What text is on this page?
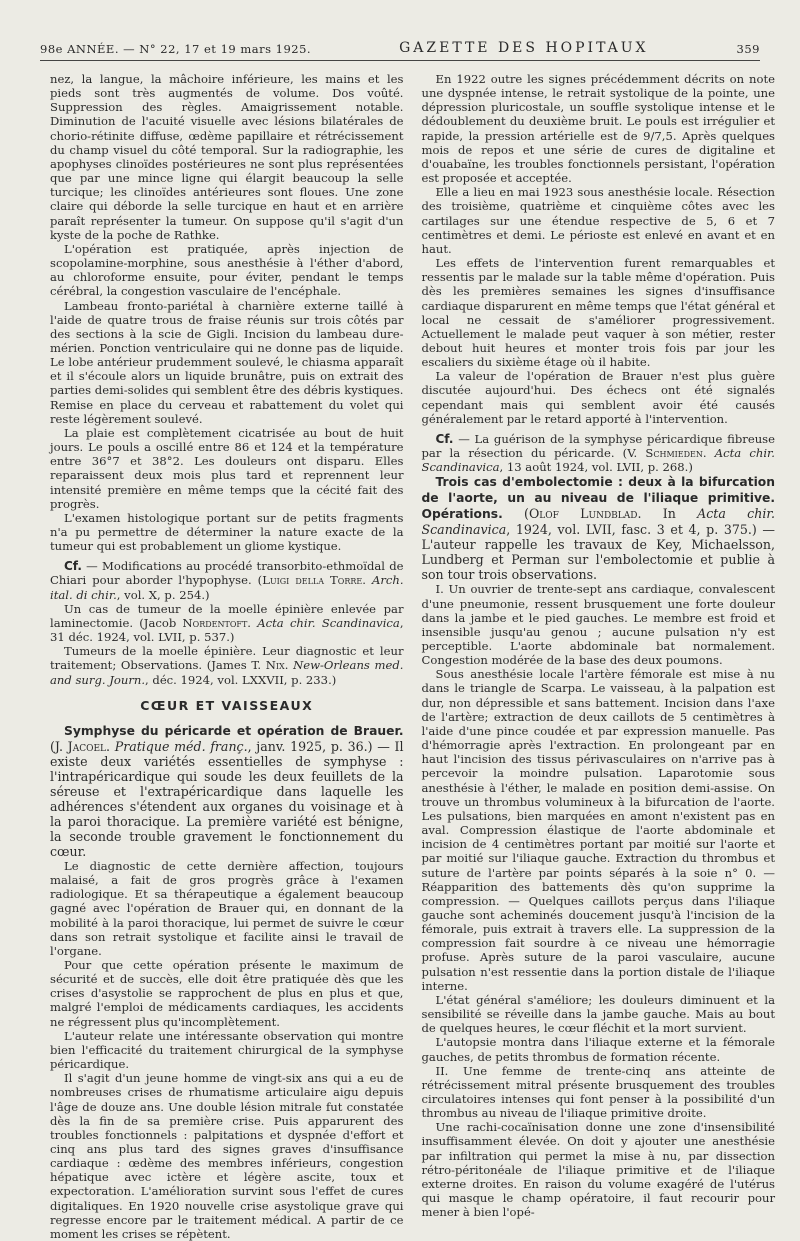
98e ANNÉE. — N° 22, 17 et 19 mars 1925.	GAZETTE DES HOPITAUX	359

nez, la langue, la mâchoire inférieure, les mains et les pieds sont très augmentés de volume. Dos voûté. Suppression des règles. Amaigrissement notable. Diminution de l'acuité visuelle avec lésions bilatérales de chorio-rétinite diffuse, œdème papillaire et rétrécissement du champ visuel du côté temporal. Sur la radiographie, les apophyses clinoïdes postérieures ne sont plus représentées que par une mince ligne qui élargit beaucoup la selle turcique; les clinoïdes antérieures sont floues. Une zone claire qui déborde la selle turcique en haut et en arrière paraît représenter la tumeur. On suppose qu'il s'agit d'un kyste de la poche de Rathke.

L'opération est pratiquée, après injection de scopolamine-morphine, sous anesthésie à l'éther d'abord, au chloroforme ensuite, pour éviter, pendant le temps cérébral, la congestion vasculaire de l'encéphale.

Lambeau fronto-pariétal à charnière externe taillé à l'aide de quatre trous de fraise réunis sur trois côtés par des sections à la scie de Gigli. Incision du lambeau dure-mérien. Ponction ventriculaire qui ne donne pas de liquide. Le lobe antérieur prudemment soulevé, le chiasma apparaît et il s'écoule alors un liquide brunâtre, puis on extrait des parties demi-solides qui semblent être des débris kystiques. Remise en place du cerveau et rabattement du volet qui reste légèrement soulevé.

La plaie est complètement cicatrisée au bout de huit jours. Le pouls a oscillé entre 86 et 124 et la température entre 36°7 et 38°2. Les douleurs ont disparu. Elles reparaissent deux mois plus tard et reprennent leur intensité première en même temps que la cécité fait des progrès.

L'examen histologique portant sur de petits fragments n'a pu permettre de déterminer la nature exacte de la tumeur qui est probablement un gliome kystique.

Cf. — Modifications au procédé transorbito-ethmoïdal de Chiari pour aborder l'hypophyse. (Luigi della Torre. Arch. ital. di chir., vol. X, p. 254.)

Un cas de tumeur de la moelle épinière enlevée par laminectomie. (Jacob Nordentoft. Acta chir. Scandinavica, 31 déc. 1924, vol. LVII, p. 537.)

Tumeurs de la moelle épinière. Leur diagnostic et leur traitement; Observations. (James T. Nix. New-Orleans med. and surg. Journ., déc. 1924, vol. LXXVII, p. 233.)

CŒUR ET VAISSEAUX

Symphyse du péricarde et opération de Brauer. (J. Jacoel. Pratique méd. franç., janv. 1925, p. 36.) — Il existe deux variétés essentielles de symphyse : l'intrapéricardique qui soude les deux feuillets de la séreuse et l'extrapéricardique dans laquelle les adhérences s'étendent aux organes du voisinage et à la paroi thoracique. La première variété est bénigne, la seconde trouble gravement le fonctionnement du cœur.

Le diagnostic de cette dernière affection, toujours malaisé, a fait de gros progrès grâce à l'examen radiologique. Et sa thérapeutique a également beaucoup gagné avec l'opération de Brauer qui, en donnant de la mobilité à la paroi thoracique, lui permet de suivre le cœur dans son retrait systolique et facilite ainsi le travail de l'organe.

Pour que cette opération présente le maximum de sécurité et de succès, elle doit être pratiquée dès que les crises d'asystolie se rapprochent de plus en plus et que, malgré l'emploi de médicaments cardiaques, les accidents ne régressent plus qu'incomplètement.

L'auteur relate une intéressante observation qui montre bien l'efficacité du traitement chirurgical de la symphyse péricardique.

Il s'agit d'un jeune homme de vingt-six ans qui a eu de nombreuses crises de rhumatisme articulaire aigu depuis l'âge de douze ans. Une double lésion mitrale fut constatée dès la fin de sa première crise. Puis apparurent des troubles fonctionnels : palpitations et dyspnée d'effort et cinq ans plus tard des signes graves d'insuffisance cardiaque : œdème des membres inférieurs, congestion hépatique avec ictère et légère ascite, toux et expectoration. L'amélioration survint sous l'effet de cures digitaliques. En 1920 nouvelle crise asystolique grave qui regresse encore par le traitement médical. A partir de ce moment les crises se répètent.

En 1922 outre les signes précédemment décrits on note une dyspnée intense, le retrait systolique de la pointe, une dépression pluricostale, un souffle systolique intense et le dédoublement du deuxième bruit. Le pouls est irrégulier et rapide, la pression artérielle est de 9/7,5. Après quelques mois de repos et une série de cures de digitaline et d'ouabaïne, les troubles fonctionnels persistant, l'opération est proposée et acceptée.

Elle a lieu en mai 1923 sous anesthésie locale. Résection des troisième, quatrième et cinquième côtes avec les cartilages sur une étendue respective de 5, 6 et 7 centimètres et demi. Le périoste est enlevé en avant et en haut.

Les effets de l'intervention furent remarquables et ressentis par le malade sur la table même d'opération. Puis dès les premières semaines les signes d'insuffisance cardiaque disparurent en même temps que l'état général et local ne cessait de s'améliorer progressivement. Actuellement le malade peut vaquer à son métier, rester debout huit heures et monter trois fois par jour les escaliers du sixième étage où il habite.

La valeur de l'opération de Brauer n'est plus guère discutée aujourd'hui. Des échecs ont été signalés cependant mais qui semblent avoir été causés généralement par le retard apporté à l'intervention.

Cf. — La guérison de la symphyse péricardique fibreuse par la résection du péricarde. (V. Schmieden. Acta chir. Scandinavica, 13 août 1924, vol. LVII, p. 268.)

Trois cas d'embolectomie : deux à la bifurcation de l'aorte, un au niveau de l'iliaque primitive. Opérations. (Olof Lundblad. In Acta chir. Scandinavica, 1924, vol. LVII, fasc. 3 et 4, p. 375.) — L'auteur rappelle les travaux de Key, Michaelsson, Lundberg et Perman sur l'embolectomie et publie à son tour trois observations.

I. Un ouvrier de trente-sept ans cardiaque, convalescent d'une pneumonie, ressent brusquement une forte douleur dans la jambe et le pied gauches. Le membre est froid et insensible jusqu'au genou ; aucune pulsation n'y est perceptible. L'aorte abdominale bat normalement. Congestion modérée de la base des deux poumons.

Sous anesthésie locale l'artère fémorale est mise à nu dans le triangle de Scarpa. Le vaisseau, à la palpation est dur, non dépressible et sans battement. Incision dans l'axe de l'artère; extraction de deux caillots de 5 centimètres à l'aide d'une pince coudée et par expression manuelle. Pas d'hémorragie après l'extraction. En prolongeant par en haut l'incision des tissus périvasculaires on n'arrive pas à percevoir la moindre pulsation. Laparotomie sous anesthésie à l'éther, le malade en position demi-assise. On trouve un thrombus volumineux à la bifurcation de l'aorte. Les pulsations, bien marquées en amont n'existent pas en aval. Compression élastique de l'aorte abdominale et incision de 4 centimètres portant par moitié sur l'aorte et par moitié sur l'iliaque gauche. Extraction du thrombus et suture de l'artère par points séparés à la soie n° 0. — Réapparition des battements dès qu'on supprime la compression. — Quelques caillots perçus dans l'iliaque gauche sont acheminés doucement jusqu'à l'incision de la fémorale, puis extrait à travers elle. La suppression de la compression fait sourdre à ce niveau une hémorragie profuse. Après suture de la paroi vasculaire, aucune pulsation n'est ressentie dans la portion distale de l'iliaque interne.

L'état général s'améliore; les douleurs diminuent et la sensibilité se réveille dans la jambe gauche. Mais au bout de quelques heures, le cœur fléchit et la mort survient.

L'autopsie montra dans l'iliaque externe et la fémorale gauches, de petits thrombus de formation récente.

II. Une femme de trente-cinq ans atteinte de rétrécissement mitral présente brusquement des troubles circulatoires intenses qui font penser à la possibilité d'un thrombus au niveau de l'iliaque primitive droite.

Une rachi-cocaïnisation donne une zone d'insensibilité insuffisamment élevée. On doit y ajouter une anesthésie par infiltration qui permet la mise à nu, par dissection rétro-péritonéale de l'iliaque primitive et de l'iliaque externe droites. En raison du volume exagéré de l'utérus qui masque le champ opératoire, il faut recourir pour mener à bien l'opé-
